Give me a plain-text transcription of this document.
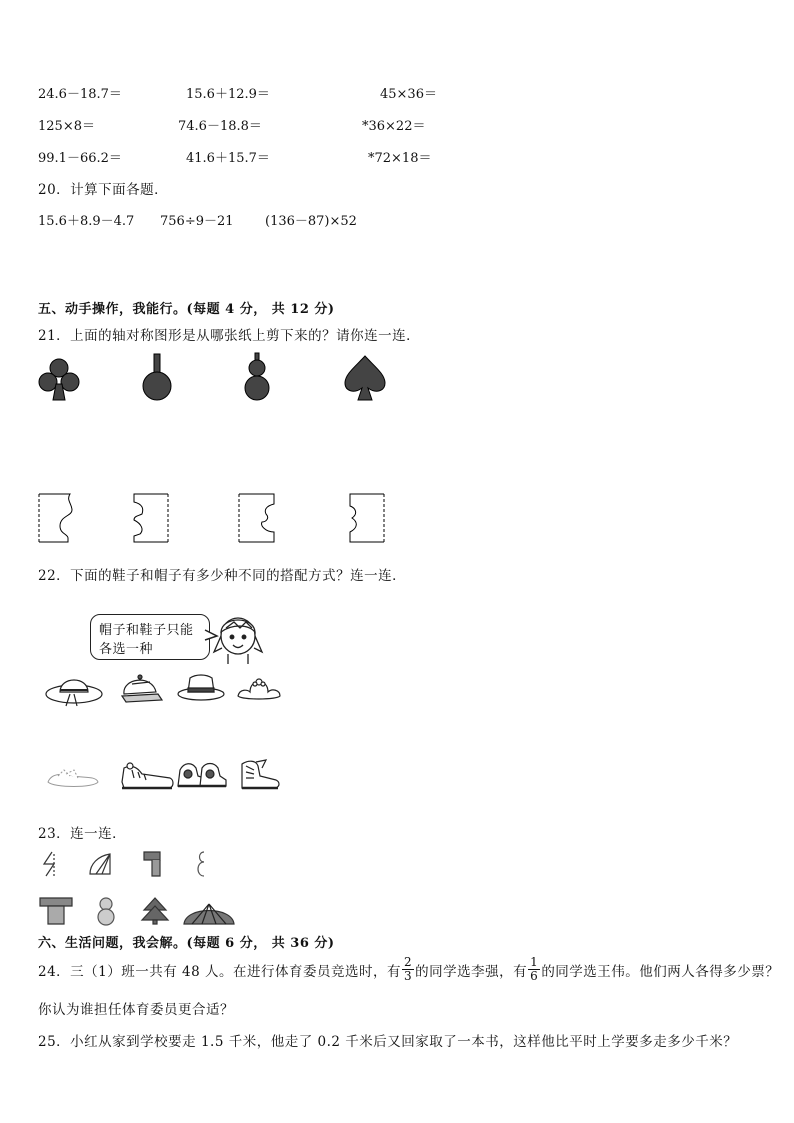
24.6－18.7＝	15.6＋12.9＝	45×36＝
125×8＝	74.6－18.8＝	*36×22＝
99.1－66.2＝	41.6＋15.7＝	*72×18＝
20．计算下面各题．
15.6＋8.9－4.7 756÷9－21 (136－87)×52
五、动手操作，我能行。(每题 4 分， 共 12 分)
21．上面的轴对称图形是从哪张纸上剪下来的？请你连一连．
22．下面的鞋子和帽子有多少种不同的搭配方式？连一连．
帽子和鞋子只能
各选一种
23．连一连．
六、生活问题，我会解。(每题 6 分， 共 36 分)
24．三（1）班一共有 48 人。在进行体育委员竞选时，有 $\frac{2}{3}$ 的同学选李强，有 $\frac{1}{6}$ 的同学选王伟。他们两人各得多少票？
你认为谁担任体育委员更合适？
25．小红从家到学校要走 1.5 千米，他走了 0.2 千米后又回家取了一本书，这样他比平时上学要多走多少千米？
